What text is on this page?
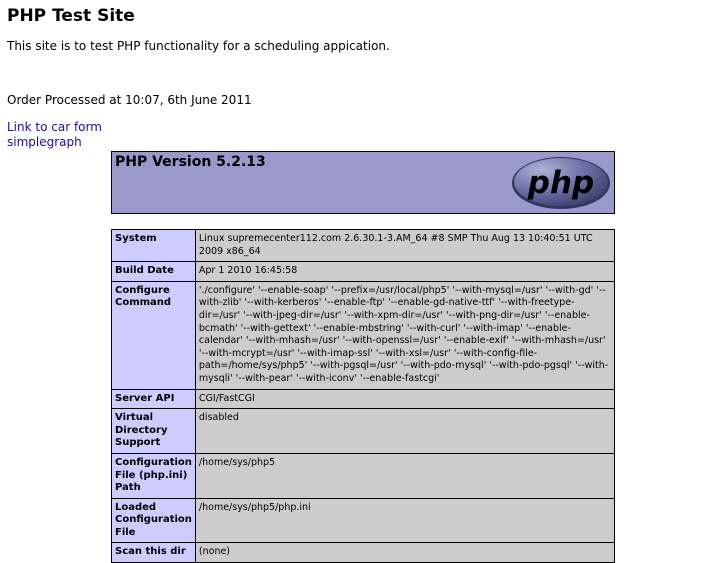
PHP Test Site

This site is to test PHP functionality for a scheduling appication.

Order Processed at 10:07, 6th June 2011

Link to car form
simplegraph
PHP Version 5.2.13
php
System	Linux supremecenter112.com 2.6.30.1-3.AM_64 #8 SMP Thu Aug 13 10:40:51 UTC 2009 x86_64
Build Date	Apr 1 2010 16:45:58
Configure Command	'./configure' '--enable-soap' '--prefix=/usr/local/php5' '--with-mysql=/usr' '--with-gd' '--with-zlib' '--with-kerberos' '--enable-ftp' '--enable-gd-native-ttf' '--with-freetype-dir=/usr' '--with-jpeg-dir=/usr' '--with-xpm-dir=/usr' '--with-png-dir=/usr' '--enable-bcmath' '--with-gettext' '--enable-mbstring' '--with-curl' '--with-imap' '--enable-calendar' '--with-mhash=/usr' '--with-openssl=/usr' '--enable-exif' '--with-mhash=/usr' '--with-mcrypt=/usr' '--with-imap-ssl' '--with-xsl=/usr' '--with-config-file-path=/home/sys/php5' '--with-pgsql=/usr' '--with-pdo-mysql' '--with-pdo-pgsql' '--with-mysqli' '--with-pear' '--with-iconv' '--enable-fastcgi'
Server API	CGI/FastCGI
Virtual Directory Support	disabled
Configuration File (php.ini) Path	/home/sys/php5
Loaded Configuration File	/home/sys/php5/php.ini
Scan this dir	(none)
